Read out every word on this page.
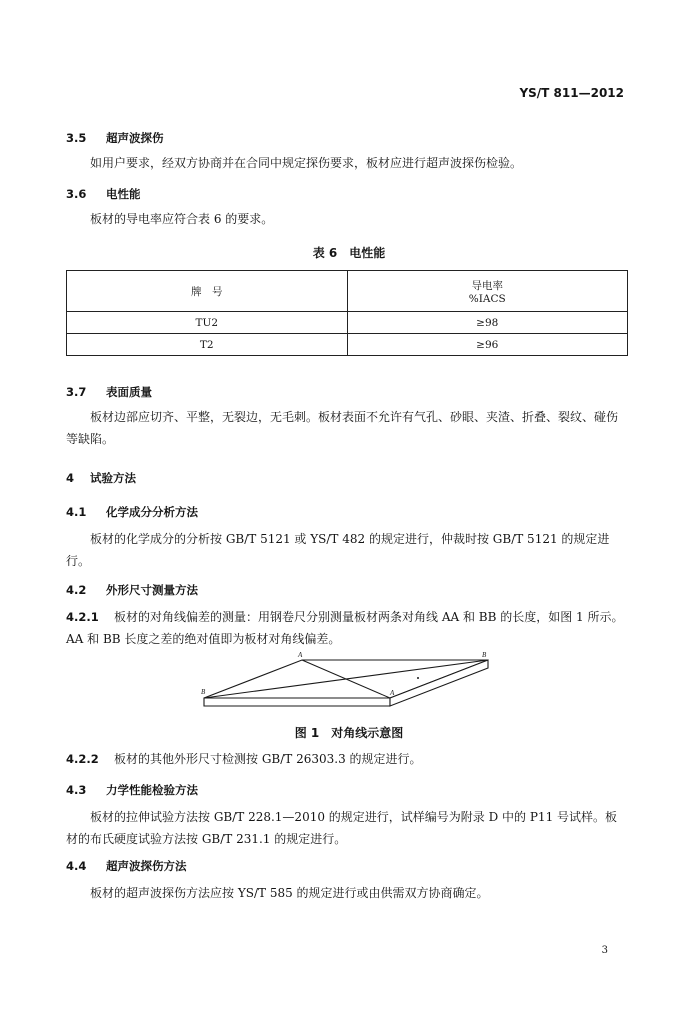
YS/T 811—2012
3.5 超声波探伤
如用户要求，经双方协商并在合同中规定探伤要求，板材应进行超声波探伤检验。
3.6 电性能
板材的导电率应符合表 6 的要求。
表 6　电性能
牌　号	导电率
%IACS

TU2	≥98
T2	≥96
3.7 表面质量
板材边部应切齐、平整，无裂边，无毛刺。板材表面不允许有气孔、砂眼、夹渣、折叠、裂纹、碰伤等缺陷。
4 试验方法
4.1 化学成分分析方法
板材的化学成分的分析按 GB/T 5121 或 YS/T 482 的规定进行，仲裁时按 GB/T 5121 的规定进行。
4.2 外形尺寸测量方法
4.2.1 板材的对角线偏差的测量：用钢卷尺分别测量板材两条对角线 AA 和 BB 的长度，如图 1 所示。AA 和 BB 长度之差的绝对值即为板材对角线偏差。
A	B
B	A
图 1　对角线示意图
4.2.2 板材的其他外形尺寸检测按 GB/T 26303.3 的规定进行。
4.3 力学性能检验方法
板材的拉伸试验方法按 GB/T 228.1—2010 的规定进行，试样编号为附录 D 中的 P11 号试样。板材的布氏硬度试验方法按 GB/T 231.1 的规定进行。
4.4 超声波探伤方法
板材的超声波探伤方法应按 YS/T 585 的规定进行或由供需双方协商确定。
3
